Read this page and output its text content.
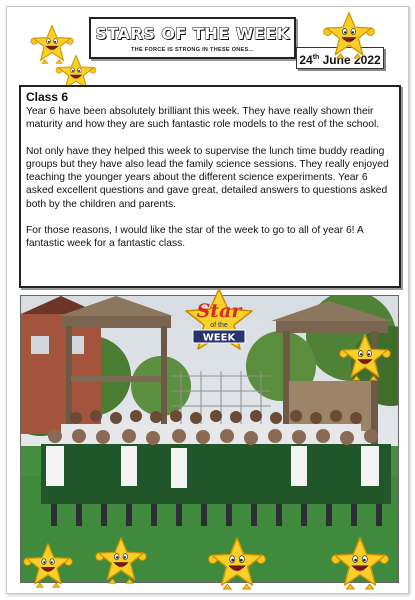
STARS OF THE WEEK
THE FORCE IS STRONG IN THESE ONES...
24th June 2022
Class 6

Year 6 have been absolutely brilliant this week. They have really shown their maturity and how they are such fantastic role models to the rest of the school.

Not only have they helped this week to supervise the lunch time buddy reading groups but they have also lead the family science sessions. They really enjoyed teaching the younger years about the different science experiments. Year 6 asked excellent questions and gave great, detailed answers to questions asked both by the children and parents.

For those reasons, I would like the star of the week to go to all of year 6! A fantastic week for a fantastic class.

Star
of the
WEEK
